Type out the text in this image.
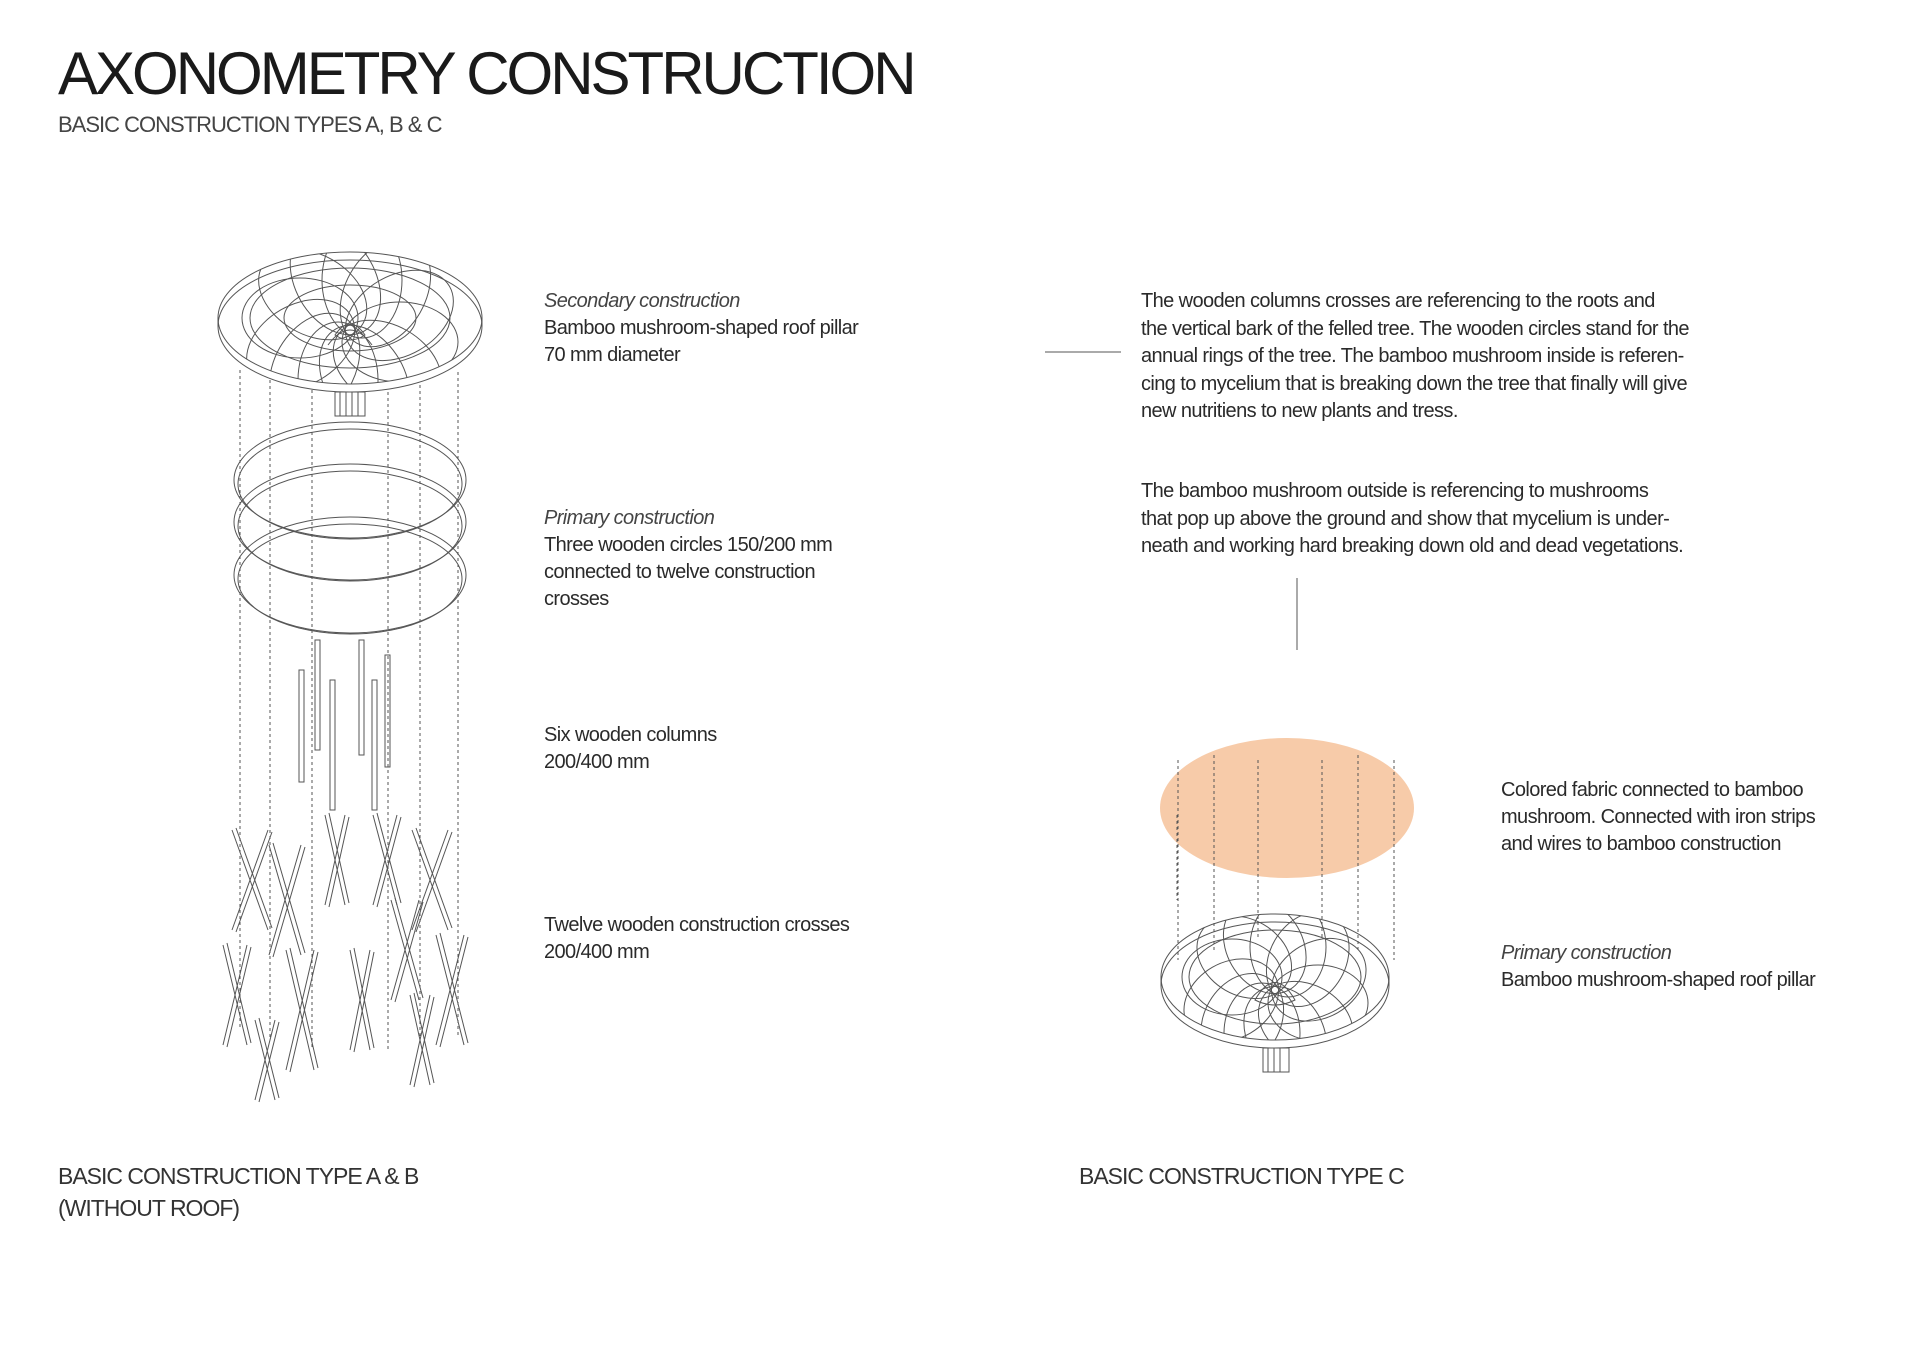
AXONOMETRY CONSTRUCTION
BASIC CONSTRUCTION TYPES A, B & C
Secondary construction
Bamboo mushroom-shaped roof pillar
70 mm diameter
Primary construction
Three wooden circles 150/200 mm
connected to twelve construction
crosses
Six wooden columns
200/400 mm
Twelve wooden construction crosses
200/400 mm
BASIC CONSTRUCTION TYPE A & B
(WITHOUT ROOF)
The wooden columns crosses are referencing to the roots and
the vertical bark of the felled tree. The wooden circles stand for the
annual rings of the tree. The bamboo mushroom inside is referen-
cing to mycelium that is breaking down the tree that finally will give
new nutritiens to new plants and tress.
The bamboo mushroom outside is referencing to mushrooms
that pop up above the ground and show that mycelium is under-
neath and working hard breaking down old and dead vegetations.
Colored fabric connected to bamboo
mushroom. Connected with iron strips
and wires to bamboo construction
Primary construction
Bamboo mushroom-shaped roof pillar
BASIC CONSTRUCTION TYPE C
